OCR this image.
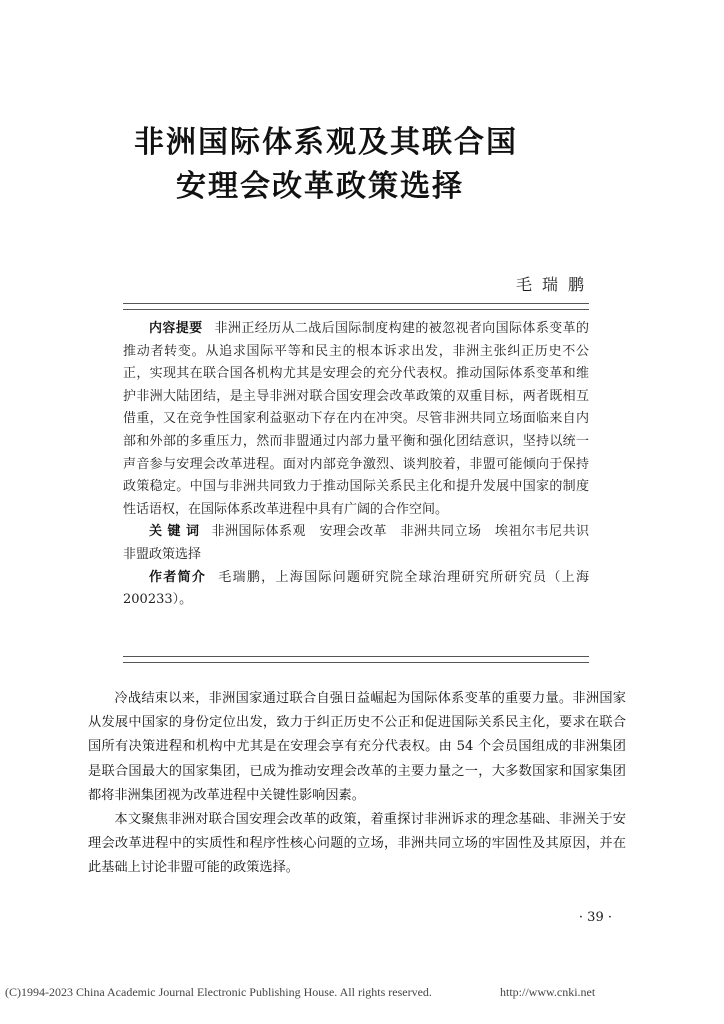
非洲国际体系观及其联合国
安理会改革政策选择
毛瑞鹏

内容提要 非洲正经历从二战后国际制度构建的被忽视者向国际体系变革的推动者转变。从追求国际平等和民主的根本诉求出发，非洲主张纠正历史不公正，实现其在联合国各机构尤其是安理会的充分代表权。推动国际体系变革和维护非洲大陆团结，是主导非洲对联合国安理会改革政策的双重目标，两者既相互借重，又在竞争性国家利益驱动下存在内在冲突。尽管非洲共同立场面临来自内部和外部的多重压力，然而非盟通过内部力量平衡和强化团结意识，坚持以统一声音参与安理会改革进程。面对内部竞争激烈、谈判胶着，非盟可能倾向于保持政策稳定。中国与非洲共同致力于推动国际关系民主化和提升发展中国家的制度性话语权，在国际体系改革进程中具有广阔的合作空间。

关 键 词 非洲国际体系观　安理会改革　非洲共同立场　埃祖尔韦尼共识　非盟政策选择

作者简介 毛瑞鹏，上海国际问题研究院全球治理研究所研究员（上海　200233）。

冷战结束以来，非洲国家通过联合自强日益崛起为国际体系变革的重要力量。非洲国家从发展中国家的身份定位出发，致力于纠正历史不公正和促进国际关系民主化，要求在联合国所有决策进程和机构中尤其是在安理会享有充分代表权。由 54 个会员国组成的非洲集团是联合国最大的国家集团，已成为推动安理会改革的主要力量之一，大多数国家和国家集团都将非洲集团视为改革进程中关键性影响因素。

本文聚焦非洲对联合国安理会改革的政策，着重探讨非洲诉求的理念基础、非洲关于安理会改革进程中的实质性和程序性核心问题的立场，非洲共同立场的牢固性及其原因，并在此基础上讨论非盟可能的政策选择。

· 39 ·
(C)1994-2023 China Academic Journal Electronic Publishing House. All rights reserved.	http://www.cnki.net
